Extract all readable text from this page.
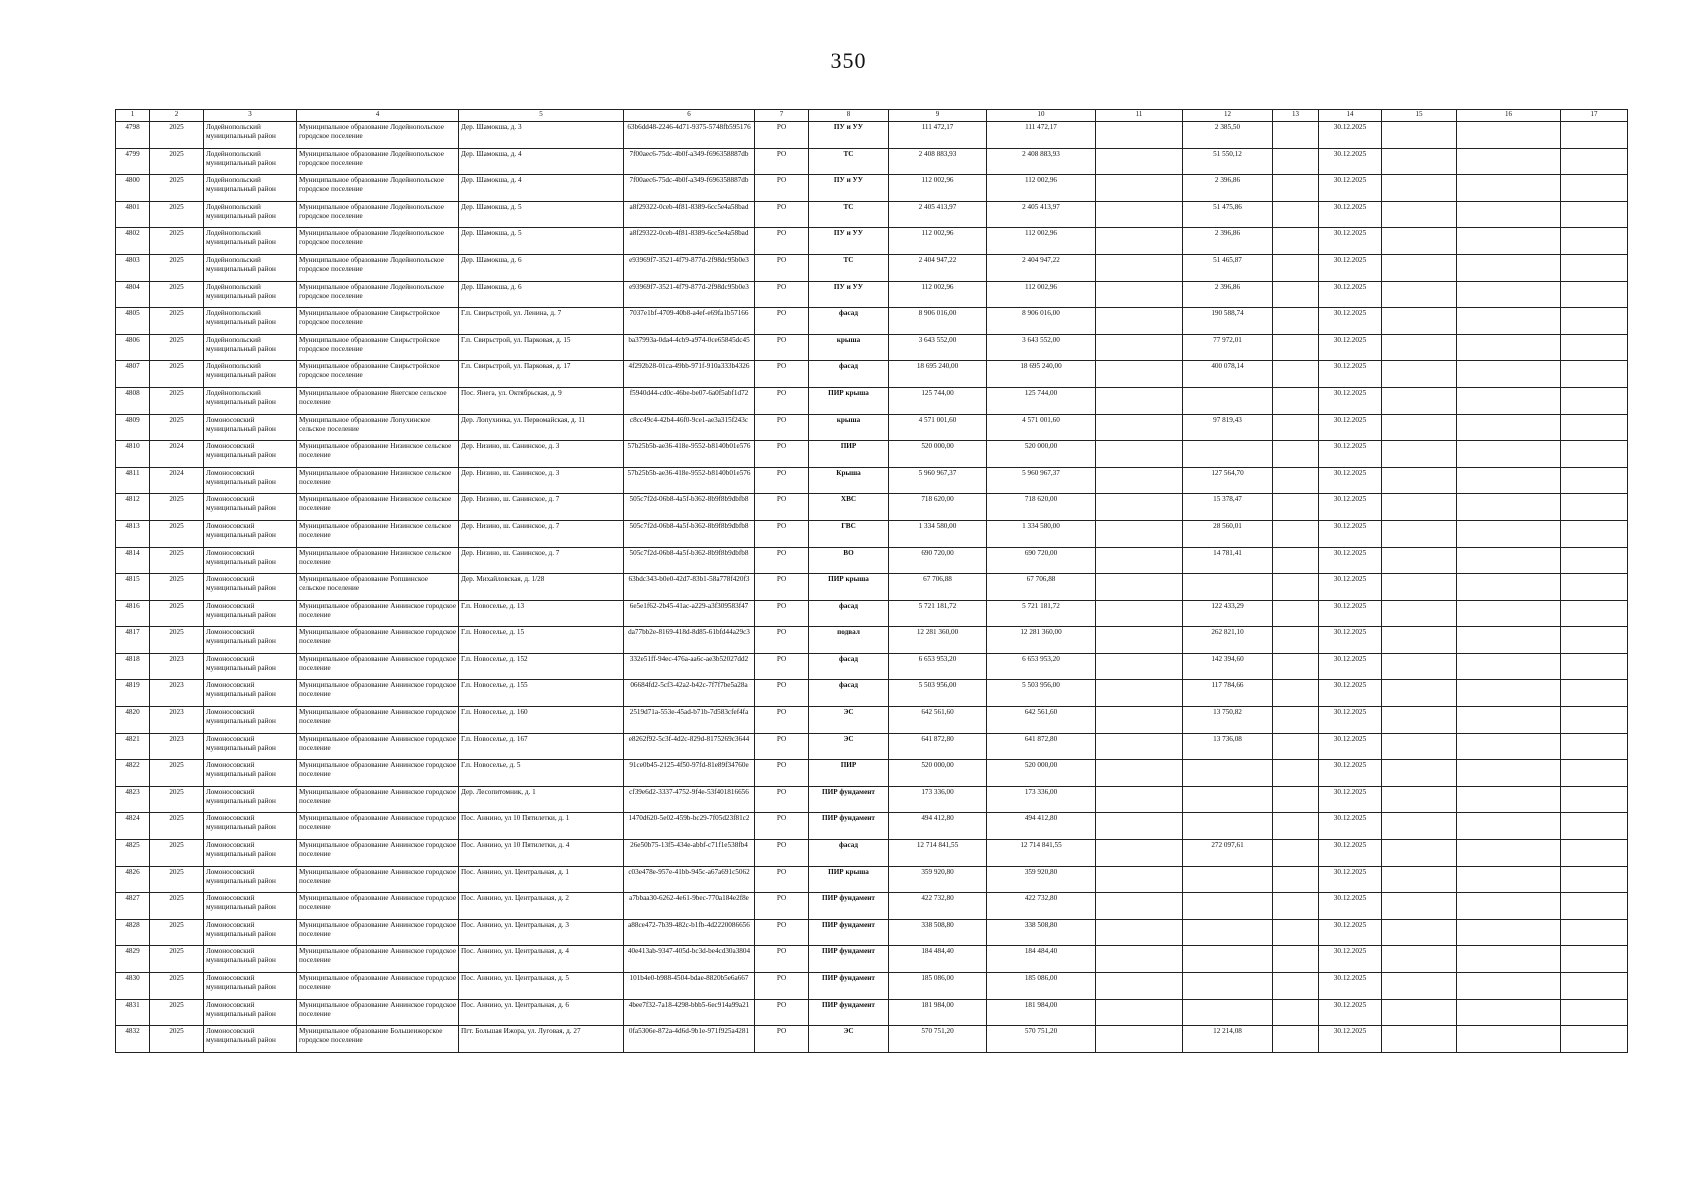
350
1	2	3	4	5	6	7	8	9	10	11	12	13	14	15	16	17
4798	2025	Лодейнопольский муниципальный район	Муниципальное образование Лодейнопольское городское поселение	Дер. Шамокша, д. 3	63b6dd48-2246-4d71-9375-5748fb595176	РО	ПУ и УУ	111 472,17	111 472,17		2 385,50		30.12.2025			
4799	2025	Лодейнопольский муниципальный район	Муниципальное образование Лодейнопольское городское поселение	Дер. Шамокша, д. 4	7f00aec6-75dc-4b0f-a349-f696358887db	РО	ТС	2 408 883,93	2 408 883,93		51 550,12		30.12.2025			
4800	2025	Лодейнопольский муниципальный район	Муниципальное образование Лодейнопольское городское поселение	Дер. Шамокша, д. 4	7f00aec6-75dc-4b0f-a349-f696358887db	РО	ПУ и УУ	112 002,96	112 002,96		2 396,86		30.12.2025			
4801	2025	Лодейнопольский муниципальный район	Муниципальное образование Лодейнопольское городское поселение	Дер. Шамокша, д. 5	a8f29322-0ceb-4f81-8389-6cc5e4a58bad	РО	ТС	2 405 413,97	2 405 413,97		51 475,86		30.12.2025			
4802	2025	Лодейнопольский муниципальный район	Муниципальное образование Лодейнопольское городское поселение	Дер. Шамокша, д. 5	a8f29322-0ceb-4f81-8389-6cc5e4a58bad	РО	ПУ и УУ	112 002,96	112 002,96		2 396,86		30.12.2025			
4803	2025	Лодейнопольский муниципальный район	Муниципальное образование Лодейнопольское городское поселение	Дер. Шамокша, д. 6	e93969f7-3521-4f79-877d-2f98dc95b0e3	РО	ТС	2 404 947,22	2 404 947,22		51 465,87		30.12.2025			
4804	2025	Лодейнопольский муниципальный район	Муниципальное образование Лодейнопольское городское поселение	Дер. Шамокша, д. 6	e93969f7-3521-4f79-877d-2f98dc95b0e3	РО	ПУ и УУ	112 002,96	112 002,96		2 396,86		30.12.2025			
4805	2025	Лодейнопольский муниципальный район	Муниципальное образование Свирьстройское городское поселение	Г.п. Свирьстрой, ул. Ленина, д. 7	7037e1bf-4709-40b8-a4ef-e69fa1b57166	РО	фасад	8 906 016,00	8 906 016,00		190 588,74		30.12.2025			
4806	2025	Лодейнопольский муниципальный район	Муниципальное образование Свирьстройское городское поселение	Г.п. Свирьстрой, ул. Парковая, д. 15	ba37993a-0da4-4cb9-a974-0ce65845dc45	РО	крыша	3 643 552,00	3 643 552,00		77 972,01		30.12.2025			
4807	2025	Лодейнопольский муниципальный район	Муниципальное образование Свирьстройское городское поселение	Г.п. Свирьстрой, ул. Парковая, д. 17	4f292b28-01ca-49bb-971f-910a333b4326	РО	фасад	18 695 240,00	18 695 240,00		400 078,14		30.12.2025			
4808	2025	Лодейнопольский муниципальный район	Муниципальное образование Янегское сельское поселение	Пос. Янега, ул. Октябрьская, д. 9	f5940d44-cd0c-46be-be07-6a0f5abf1d72	РО	ПИР крыша	125 744,00	125 744,00				30.12.2025			
4809	2025	Ломоносовский муниципальный район	Муниципальное образование Лопухинское сельское поселение	Дер. Лопухинка, ул. Первомайская, д. 11	c8cc49c4-42b4-46f0-9ce1-ae3a315f243c	РО	крыша	4 571 001,60	4 571 001,60		97 819,43		30.12.2025			
4810	2024	Ломоносовский муниципальный район	Муниципальное образование Низинское сельское поселение	Дер. Низино, ш. Санинское, д. 3	57b25b5b-ae36-418e-9552-b8140b01e576	РО	ПИР	520 000,00	520 000,00				30.12.2025			
4811	2024	Ломоносовский муниципальный район	Муниципальное образование Низинское сельское поселение	Дер. Низино, ш. Санинское, д. 3	57b25b5b-ae36-418e-9552-b8140b01e576	РО	Крыша	5 960 967,37	5 960 967,37		127 564,70		30.12.2025			
4812	2025	Ломоносовский муниципальный район	Муниципальное образование Низинское сельское поселение	Дер. Низино, ш. Санинское, д. 7	505c7f2d-06b8-4a5f-b362-8b9f8b9dbfb8	РО	ХВС	718 620,00	718 620,00		15 378,47		30.12.2025			
4813	2025	Ломоносовский муниципальный район	Муниципальное образование Низинское сельское поселение	Дер. Низино, ш. Санинское, д. 7	505c7f2d-06b8-4a5f-b362-8b9f8b9dbfb8	РО	ГВС	1 334 580,00	1 334 580,00		28 560,01		30.12.2025			
4814	2025	Ломоносовский муниципальный район	Муниципальное образование Низинское сельское поселение	Дер. Низино, ш. Санинское, д. 7	505c7f2d-06b8-4a5f-b362-8b9f8b9dbfb8	РО	ВО	690 720,00	690 720,00		14 781,41		30.12.2025			
4815	2025	Ломоносовский муниципальный район	Муниципальное образование Ропшинское сельское поселение	Дер. Михайловская, д. 1/28	63bdc343-b0e0-42d7-83b1-58a778f420f3	РО	ПИР крыша	67 706,88	67 706,88				30.12.2025			
4816	2025	Ломоносовский муниципальный район	Муниципальное образование Аннинское городское поселение	Г.п. Новоселье, д. 13	6e5e1f62-2b45-41ac-a229-a3f309583f47	РО	фасад	5 721 181,72	5 721 181,72		122 433,29		30.12.2025			
4817	2025	Ломоносовский муниципальный район	Муниципальное образование Аннинское городское поселение	Г.п. Новоселье, д. 15	da77bb2e-8169-418d-8d85-61bfd44a29c3	РО	подвал	12 281 360,00	12 281 360,00		262 821,10		30.12.2025			
4818	2023	Ломоносовский муниципальный район	Муниципальное образование Аннинское городское поселение	Г.п. Новоселье, д. 152	332e51ff-94ec-476a-aa6c-ae3b52027dd2	РО	фасад	6 653 953,20	6 653 953,20		142 394,60		30.12.2025			
4819	2023	Ломоносовский муниципальный район	Муниципальное образование Аннинское городское поселение	Г.п. Новоселье, д. 155	06684fd2-5cf3-42a2-b42c-7f7f7be5a28a	РО	фасад	5 503 956,00	5 503 956,00		117 784,66		30.12.2025			
4820	2023	Ломоносовский муниципальный район	Муниципальное образование Аннинское городское поселение	Г.п. Новоселье, д. 160	2519d71a-553e-45ad-b71b-7d583cfef4fa	РО	ЭС	642 561,60	642 561,60		13 750,82		30.12.2025			
4821	2023	Ломоносовский муниципальный район	Муниципальное образование Аннинское городское поселение	Г.п. Новоселье, д. 167	e8262f92-5c3f-4d2c-829d-8175269c3644	РО	ЭС	641 872,80	641 872,80		13 736,08		30.12.2025			
4822	2025	Ломоносовский муниципальный район	Муниципальное образование Аннинское городское поселение	Г.п. Новоселье, д. 5	91ce0b45-2125-4f50-97fd-81e89f34760e	РО	ПИР	520 000,00	520 000,00				30.12.2025			
4823	2025	Ломоносовский муниципальный район	Муниципальное образование Аннинское городское поселение	Дер. Лесопитомник, д. 1	cf39e6d2-3337-4752-9f4e-53f401816656	РО	ПИР фундамент	173 336,00	173 336,00				30.12.2025			
4824	2025	Ломоносовский муниципальный район	Муниципальное образование Аннинское городское поселение	Пос. Аннино, ул 10 Пятилетки, д. 1	1470d620-5e02-459b-bc29-7f05d23f81c2	РО	ПИР фундамент	494 412,80	494 412,80				30.12.2025			
4825	2025	Ломоносовский муниципальный район	Муниципальное образование Аннинское городское поселение	Пос. Аннино, ул 10 Пятилетки, д. 4	26e50b75-13f5-434e-abbf-c71f1e538fb4	РО	фасад	12 714 841,55	12 714 841,55		272 097,61		30.12.2025			
4826	2025	Ломоносовский муниципальный район	Муниципальное образование Аннинское городское поселение	Пос. Аннино, ул. Центральная, д. 1	c03e478e-957e-41bb-945c-a67a691c5062	РО	ПИР крыша	359 920,80	359 920,80				30.12.2025			
4827	2025	Ломоносовский муниципальный район	Муниципальное образование Аннинское городское поселение	Пос. Аннино, ул. Центральная, д. 2	a7bbaa30-6262-4e61-9bec-770a184e2f8e	РО	ПИР фундамент	422 732,80	422 732,80				30.12.2025			
4828	2025	Ломоносовский муниципальный район	Муниципальное образование Аннинское городское поселение	Пос. Аннино, ул. Центральная, д. 3	a88ce472-7b39-482c-b1fb-4d2220086656	РО	ПИР фундамент	338 508,80	338 508,80				30.12.2025			
4829	2025	Ломоносовский муниципальный район	Муниципальное образование Аннинское городское поселение	Пос. Аннино, ул. Центральная, д. 4	40e413ab-9347-405d-bc3d-be4cd30a3804	РО	ПИР фундамент	184 484,40	184 484,40				30.12.2025			
4830	2025	Ломоносовский муниципальный район	Муниципальное образование Аннинское городское поселение	Пос. Аннино, ул. Центральная, д. 5	101b4e0-b988-4504-bdae-8820b5e6a667	РО	ПИР фундамент	185 086,00	185 086,00				30.12.2025			
4831	2025	Ломоносовский муниципальный район	Муниципальное образование Аннинское городское поселение	Пос. Аннино, ул. Центральная, д. 6	4bee7f32-7a18-4298-bbb5-6ec914a99a21	РО	ПИР фундамент	181 984,00	181 984,00				30.12.2025			
4832	2025	Ломоносовский муниципальный район	Муниципальное образование Большеижорское городское поселение	Пгт. Большая Ижора, ул. Луговая, д. 27	0fa5306e-872a-4d6d-9b1e-971f925a4281	РО	ЭС	570 751,20	570 751,20		12 214,08		30.12.2025			
